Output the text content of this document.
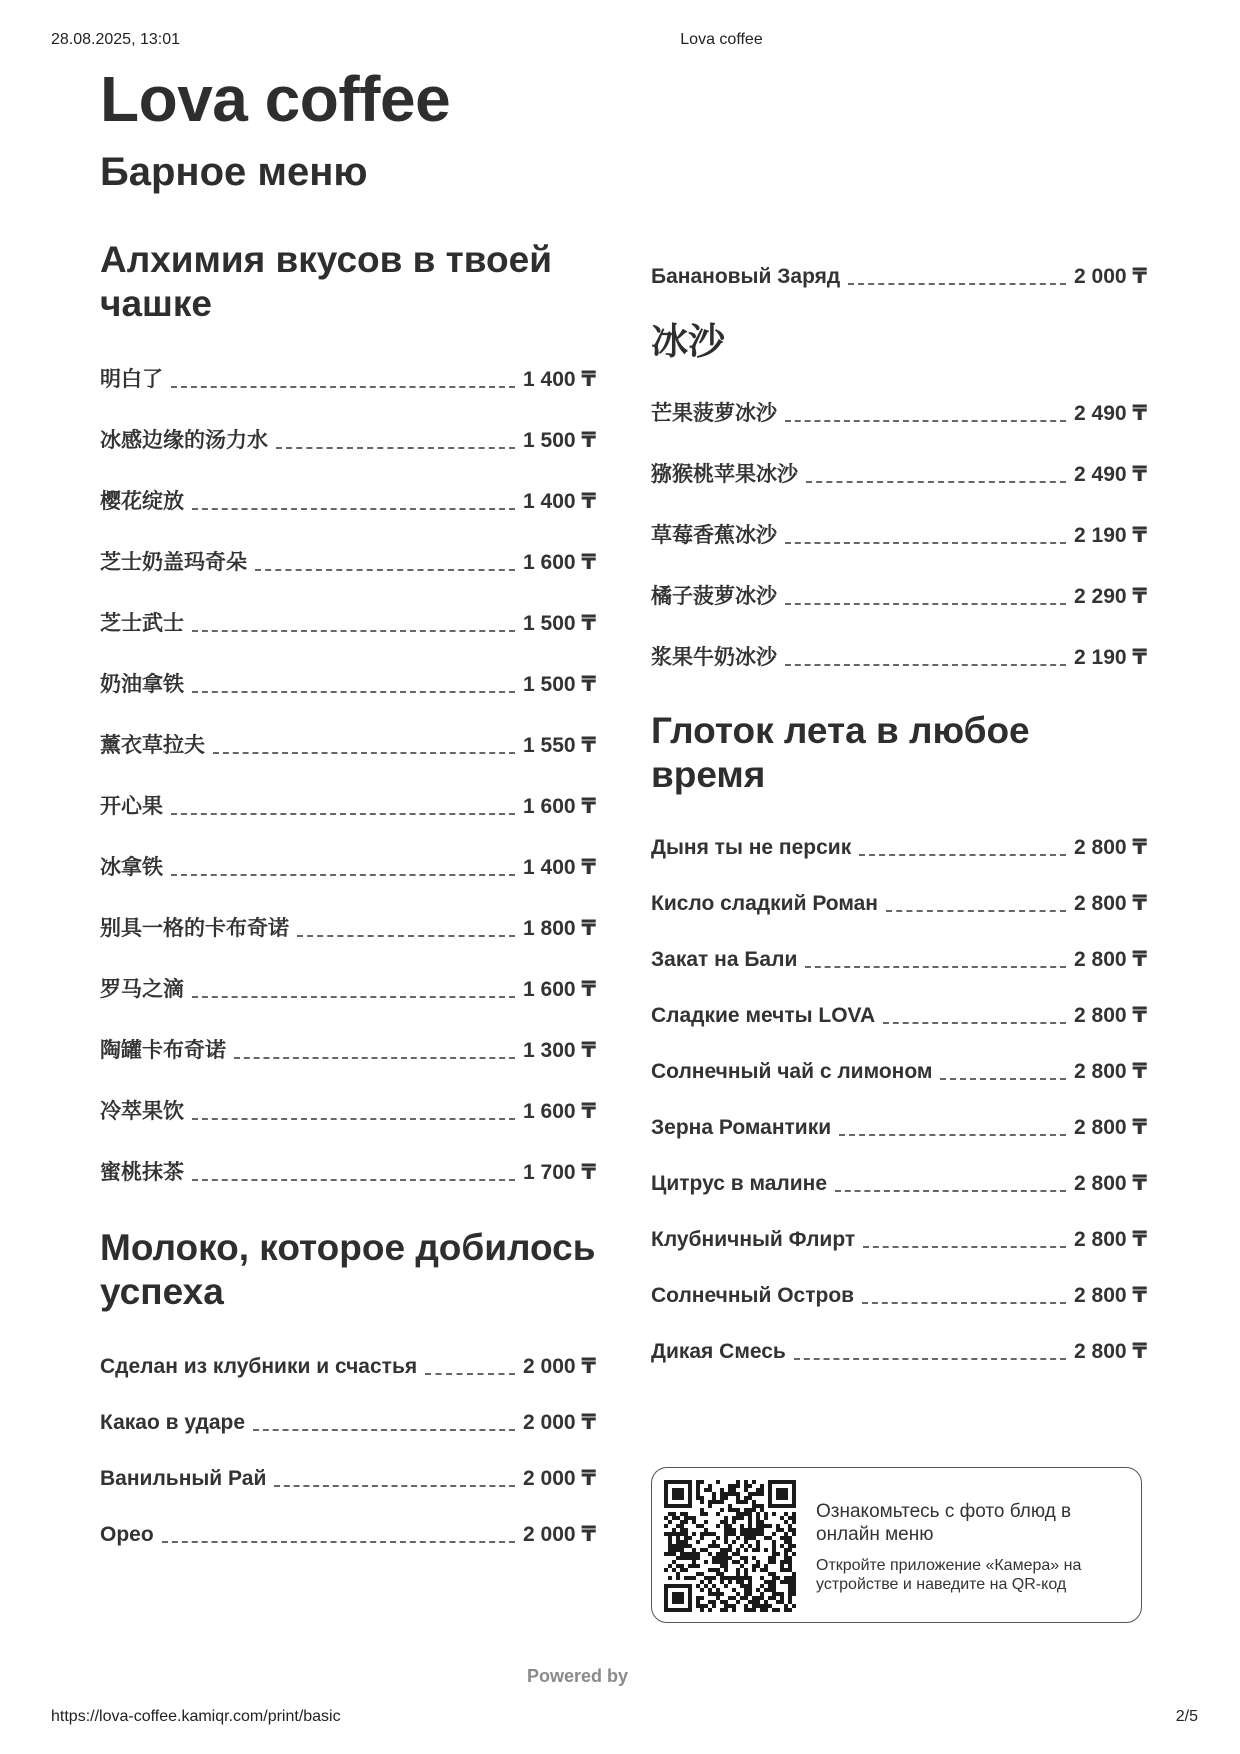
28.08.2025, 13:01	Lova coffee
Lova coffee
Барное меню
Алхимия вкусов в твоей чашке
明白了	1 400 ₸
冰感边缘的汤力水	1 500 ₸
樱花绽放	1 400 ₸
芝士奶盖玛奇朵	1 600 ₸
芝士武士	1 500 ₸
奶油拿铁	1 500 ₸
薰衣草拉夫	1 550 ₸
开心果	1 600 ₸
冰拿铁	1 400 ₸
别具一格的卡布奇诺	1 800 ₸
罗马之滴	1 600 ₸
陶罐卡布奇诺	1 300 ₸
冷萃果饮	1 600 ₸
蜜桃抹茶	1 700 ₸
Молоко, которое добилось успеха
Сделан из клубники и счастья	2 000 ₸
Какао в ударе	2 000 ₸
Ванильный Рай	2 000 ₸
Орео	2 000 ₸
Банановый Заряд	2 000 ₸
冰沙
芒果菠萝冰沙	2 490 ₸
猕猴桃苹果冰沙	2 490 ₸
草莓香蕉冰沙	2 190 ₸
橘子菠萝冰沙	2 290 ₸
浆果牛奶冰沙	2 190 ₸
Глоток лета в любое время
Дыня ты не персик	2 800 ₸
Кисло сладкий Роман	2 800 ₸
Закат на Бали	2 800 ₸
Сладкие мечты LOVA	2 800 ₸
Солнечный чай с лимоном	2 800 ₸
Зерна Романтики	2 800 ₸
Цитрус в малине	2 800 ₸
Клубничный Флирт	2 800 ₸
Солнечный Остров	2 800 ₸
Дикая Смесь	2 800 ₸
Ознакомьтесь с фото блюд в онлайн меню
Откройте приложение «Камера» на устройстве и наведите на QR-код
Powered by
https://lova-coffee.kamiqr.com/print/basic	2/5
